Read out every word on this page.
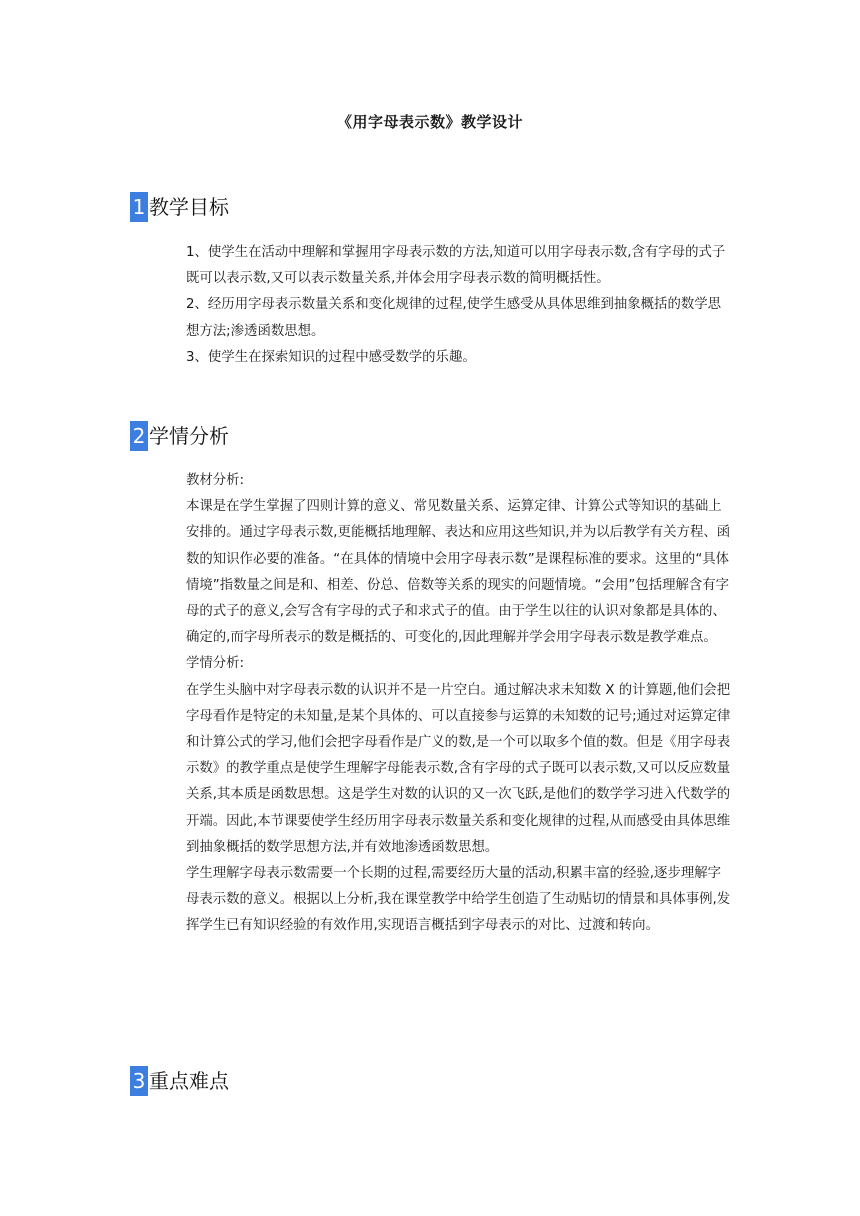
《用字母表示数》教学设计
1 教学目标

1、使学生在活动中理解和掌握用字母表示数的方法,知道可以用字母表示数,含有字母的式子既可以表示数,又可以表示数量关系,并体会用字母表示数的简明概括性。

2、经历用字母表示数量关系和变化规律的过程,使学生感受从具体思维到抽象概括的数学思想方法;渗透函数思想。

3、使学生在探索知识的过程中感受数学的乐趣。

2 学情分析

教材分析:

本课是在学生掌握了四则计算的意义、常见数量关系、运算定律、计算公式等知识的基础上安排的。通过字母表示数,更能概括地理解、表达和应用这些知识,并为以后教学有关方程、函数的知识作必要的准备。“在具体的情境中会用字母表示数”是课程标准的要求。这里的“具体情境”指数量之间是和、相差、份总、倍数等关系的现实的问题情境。“会用”包括理解含有字母的式子的意义,会写含有字母的式子和求式子的值。由于学生以往的认识对象都是具体的、确定的,而字母所表示的数是概括的、可变化的,因此理解并学会用字母表示数是教学难点。

学情分析:

在学生头脑中对字母表示数的认识并不是一片空白。通过解决求未知数 X 的计算题,他们会把字母看作是特定的未知量,是某个具体的、可以直接参与运算的未知数的记号;通过对运算定律和计算公式的学习,他们会把字母看作是广义的数,是一个可以取多个值的数。但是《用字母表示数》的教学重点是使学生理解字母能表示数,含有字母的式子既可以表示数,又可以反应数量关系,其本质是函数思想。这是学生对数的认识的又一次飞跃,是他们的数学学习进入代数学的开端。因此,本节课要使学生经历用字母表示数量关系和变化规律的过程,从而感受由具体思维到抽象概括的数学思想方法,并有效地渗透函数思想。

学生理解字母表示数需要一个长期的过程,需要经历大量的活动,积累丰富的经验,逐步理解字母表示数的意义。根据以上分析,我在课堂教学中给学生创造了生动贴切的情景和具体事例,发挥学生已有知识经验的有效作用,实现语言概括到字母表示的对比、过渡和转向。

3 重点难点
